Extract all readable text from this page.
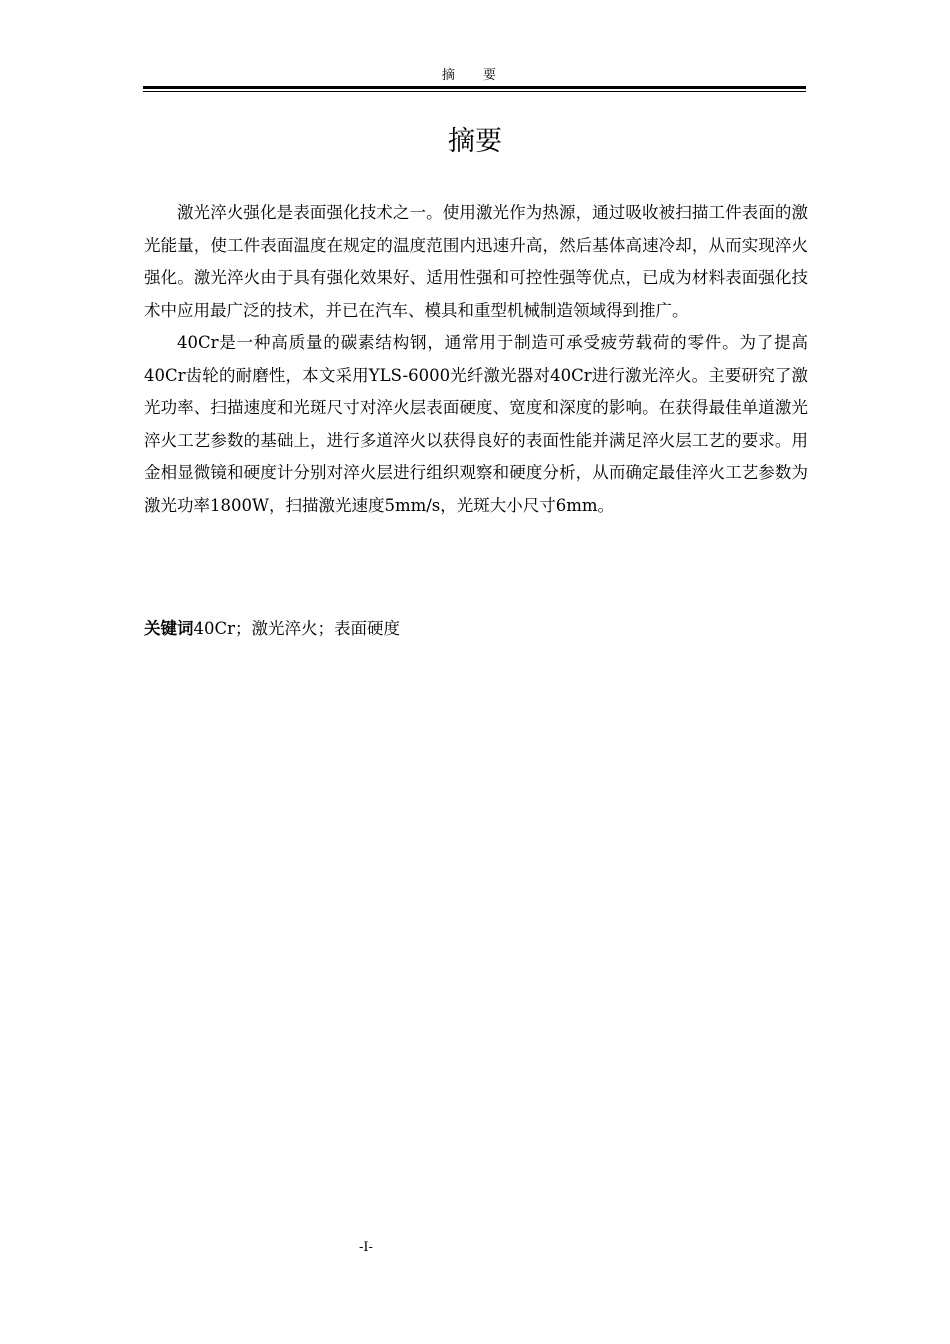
摘 要
摘要

激光淬火强化是表面强化技术之一。使用激光作为热源，通过吸收被扫描工件表面的激光能量，使工件表面温度在规定的温度范围内迅速升高，然后基体高速冷却，从而实现淬火强化。激光淬火由于具有强化效果好、适用性强和可控性强等优点，已成为材料表面强化技术中应用最广泛的技术，并已在汽车、模具和重型机械制造领域得到推广。

40Cr是一种高质量的碳素结构钢，通常用于制造可承受疲劳载荷的零件。为了提高40Cr齿轮的耐磨性，本文采用YLS-6000光纤激光器对40Cr进行激光淬火。主要研究了激光功率、扫描速度和光斑尺寸对淬火层表面硬度、宽度和深度的影响。在获得最佳单道激光淬火工艺参数的基础上，进行多道淬火以获得良好的表面性能并满足淬火层工艺的要求。用金相显微镜和硬度计分别对淬火层进行组织观察和硬度分析，从而确定最佳淬火工艺参数为激光功率1800W，扫描激光速度5mm/s，光斑大小尺寸6mm。

关键词40Cr；激光淬火；表面硬度
-I-
